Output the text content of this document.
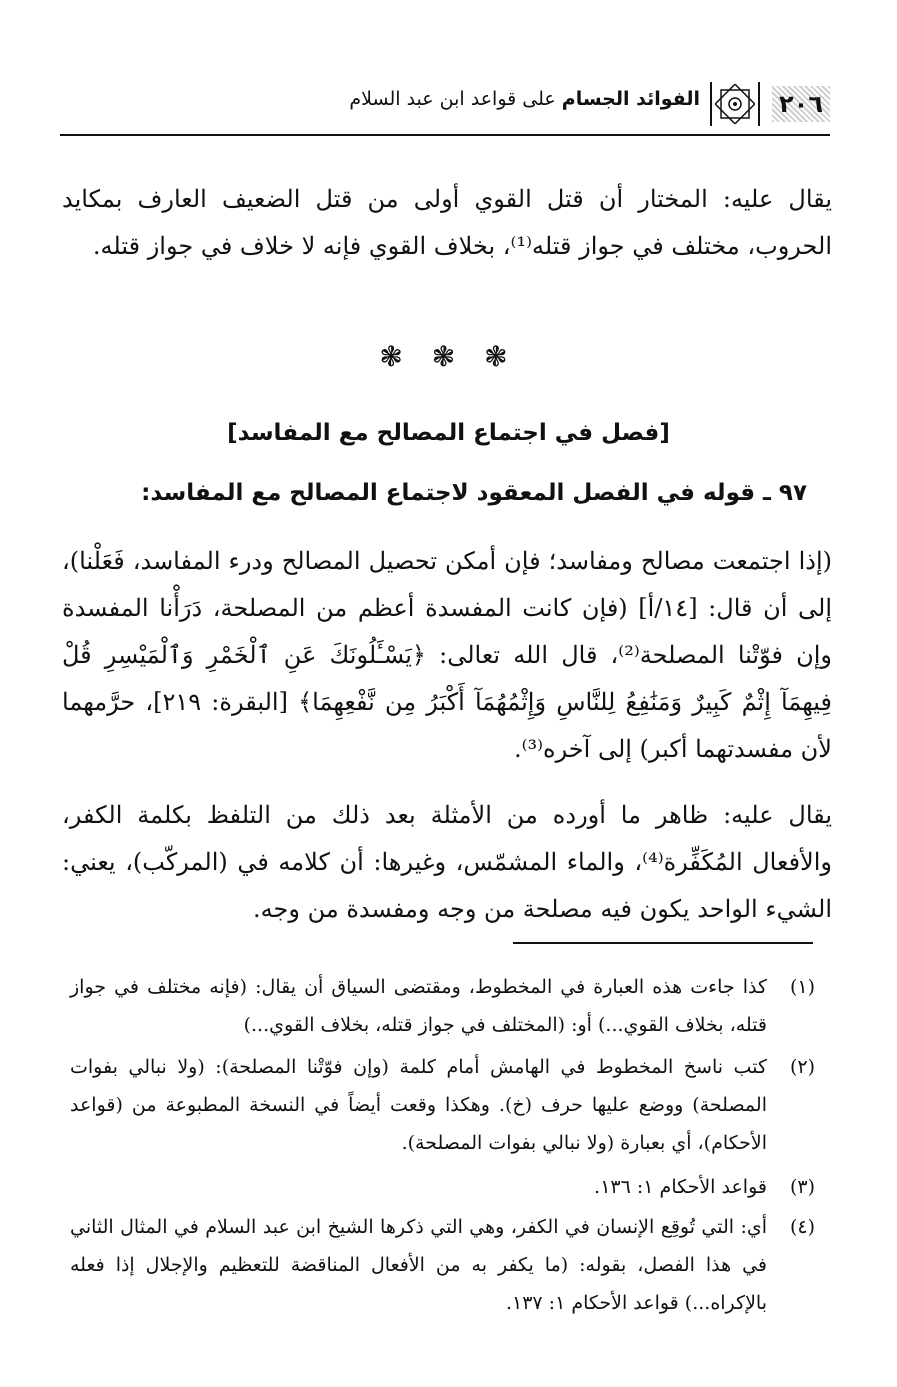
٢٠٦
الفوائد الجسام على قواعد ابن عبد السلام
يقال عليه: المختار أن قتل القوي أولى من قتل الضعيف العارف بمكايد الحروب، مختلف في جواز قتله⁽¹⁾، بخلاف القوي فإنه لا خلاف في جواز قتله.
❃ ❃ ❃
[فصل في اجتماع المصالح مع المفاسد]
٩٧ ـ قوله في الفصل المعقود لاجتماع المصالح مع المفاسد:
(إذا اجتمعت مصالح ومفاسد؛ فإن أمكن تحصيل المصالح ودرء المفاسد، فَعَلْنا)، إلى أن قال: [١٤/أ] (فإن كانت المفسدة أعظم من المصلحة، دَرَأْنا المفسدة وإن فوّتْنا المصلحة⁽²⁾، قال الله تعالى: ﴿يَسْـَٔلُونَكَ عَنِ ٱلْخَمْرِ وَٱلْمَيْسِرِ قُلْ فِيهِمَآ إِثْمٌ كَبِيرٌ وَمَنَٰفِعُ لِلنَّاسِ وَإِثْمُهُمَآ أَكْبَرُ مِن نَّفْعِهِمَا﴾ [البقرة: ٢١٩]، حرَّمهما لأن مفسدتهما أكبر) إلى آخره⁽³⁾.
يقال عليه: ظاهر ما أورده من الأمثلة بعد ذلك من التلفظ بكلمة الكفر، والأفعال المُكَفِّرة⁽⁴⁾، والماء المشمّس، وغيرها: أن كلامه في (المركّب)، يعني: الشيء الواحد يكون فيه مصلحة من وجه ومفسدة من وجه.
(١)
كذا جاءت هذه العبارة في المخطوط، ومقتضى السياق أن يقال: (فإنه مختلف في جواز قتله، بخلاف القوي...) أو: (المختلف في جواز قتله، بخلاف القوي...)
(٢)
كتب ناسخ المخطوط في الهامش أمام كلمة (وإن فوّتْنا المصلحة): (ولا نبالي بفوات المصلحة) ووضع عليها حرف (خ). وهكذا وقعت أيضاً في النسخة المطبوعة من (قواعد الأحكام)، أي بعبارة (ولا نبالي بفوات المصلحة).
(٣)
قواعد الأحكام ١: ١٣٦.
(٤)
أي: التي تُوقِع الإنسان في الكفر، وهي التي ذكرها الشيخ ابن عبد السلام في المثال الثاني في هذا الفصل، بقوله: (ما يكفر به من الأفعال المناقضة للتعظيم والإجلال إذا فعله بالإكراه...) قواعد الأحكام ١: ١٣٧.
